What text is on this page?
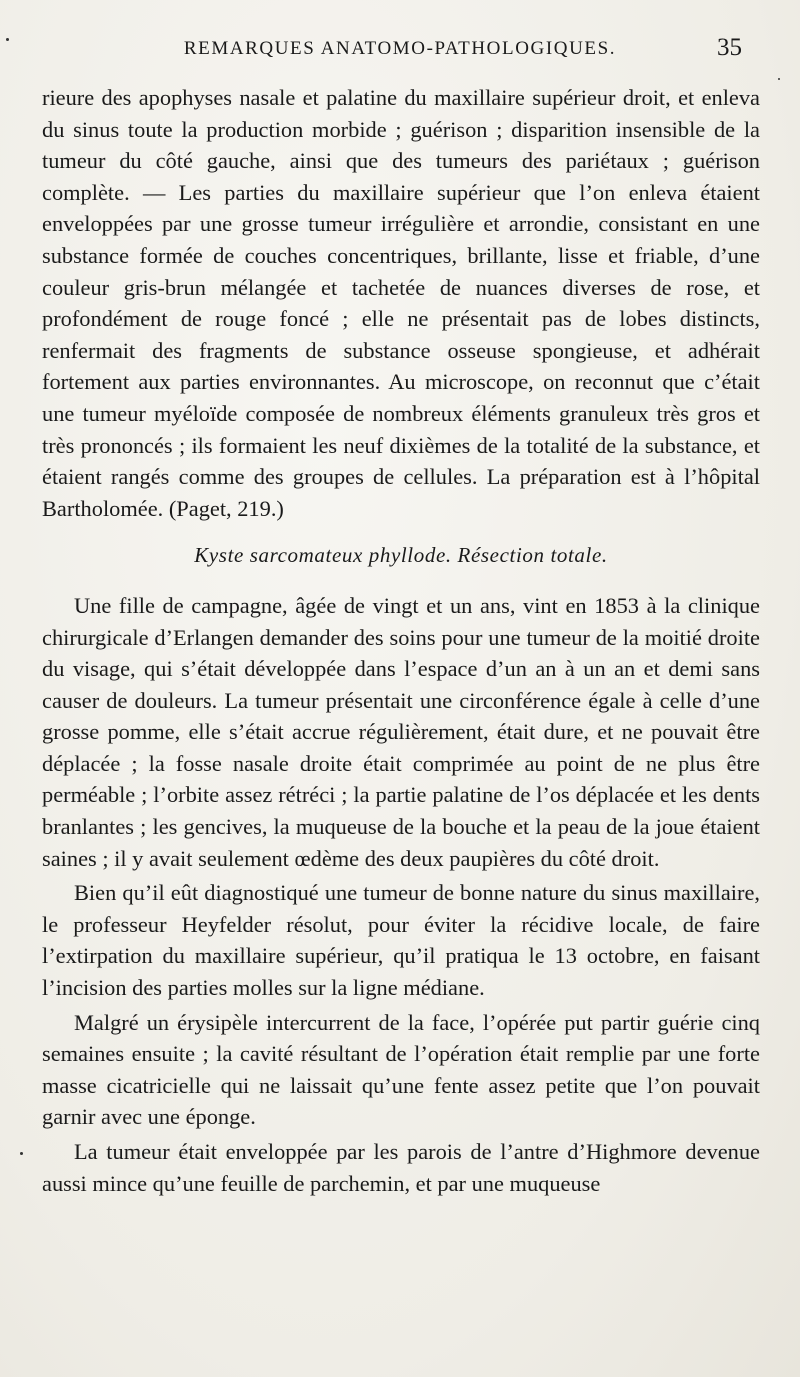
REMARQUES ANATOMO-PATHOLOGIQUES.	35

rieure des apophyses nasale et palatine du maxillaire supérieur droit, et enleva du sinus toute la production morbide ; guérison ; disparition insensible de la tumeur du côté gauche, ainsi que des tumeurs des pariétaux ; guérison complète. — Les parties du maxillaire supérieur que l’on enleva étaient enveloppées par une grosse tumeur irrégulière et arrondie, consistant en une substance formée de couches concentriques, brillante, lisse et friable, d’une couleur gris-brun mélangée et tachetée de nuances diverses de rose, et profondément de rouge foncé ; elle ne présentait pas de lobes distincts, renfermait des fragments de substance osseuse spongieuse, et adhérait fortement aux parties environnantes. Au microscope, on reconnut que c’était une tumeur myéloïde composée de nombreux éléments granuleux très gros et très prononcés ; ils formaient les neuf dixièmes de la totalité de la substance, et étaient rangés comme des groupes de cellules. La préparation est à l’hôpital Bartholomée. (Paget, 219.)

Kyste sarcomateux phyllode. Résection totale.

Une fille de campagne, âgée de vingt et un ans, vint en 1853 à la clinique chirurgicale d’Erlangen demander des soins pour une tumeur de la moitié droite du visage, qui s’était développée dans l’espace d’un an à un an et demi sans causer de douleurs. La tumeur présentait une circonférence égale à celle d’une grosse pomme, elle s’était accrue régulièrement, était dure, et ne pouvait être déplacée ; la fosse nasale droite était comprimée au point de ne plus être perméable ; l’orbite assez rétréci ; la partie palatine de l’os déplacée et les dents branlantes ; les gencives, la muqueuse de la bouche et la peau de la joue étaient saines ; il y avait seulement œdème des deux paupières du côté droit.

Bien qu’il eût diagnostiqué une tumeur de bonne nature du sinus maxillaire, le professeur Heyfelder résolut, pour éviter la récidive locale, de faire l’extirpation du maxillaire supérieur, qu’il pratiqua le 13 octobre, en faisant l’incision des parties molles sur la ligne médiane.

Malgré un érysipèle intercurrent de la face, l’opérée put partir guérie cinq semaines ensuite ; la cavité résultant de l’opération était remplie par une forte masse cicatricielle qui ne laissait qu’une fente assez petite que l’on pouvait garnir avec une éponge.

La tumeur était enveloppée par les parois de l’antre d’Highmore devenue aussi mince qu’une feuille de parchemin, et par une muqueuse
